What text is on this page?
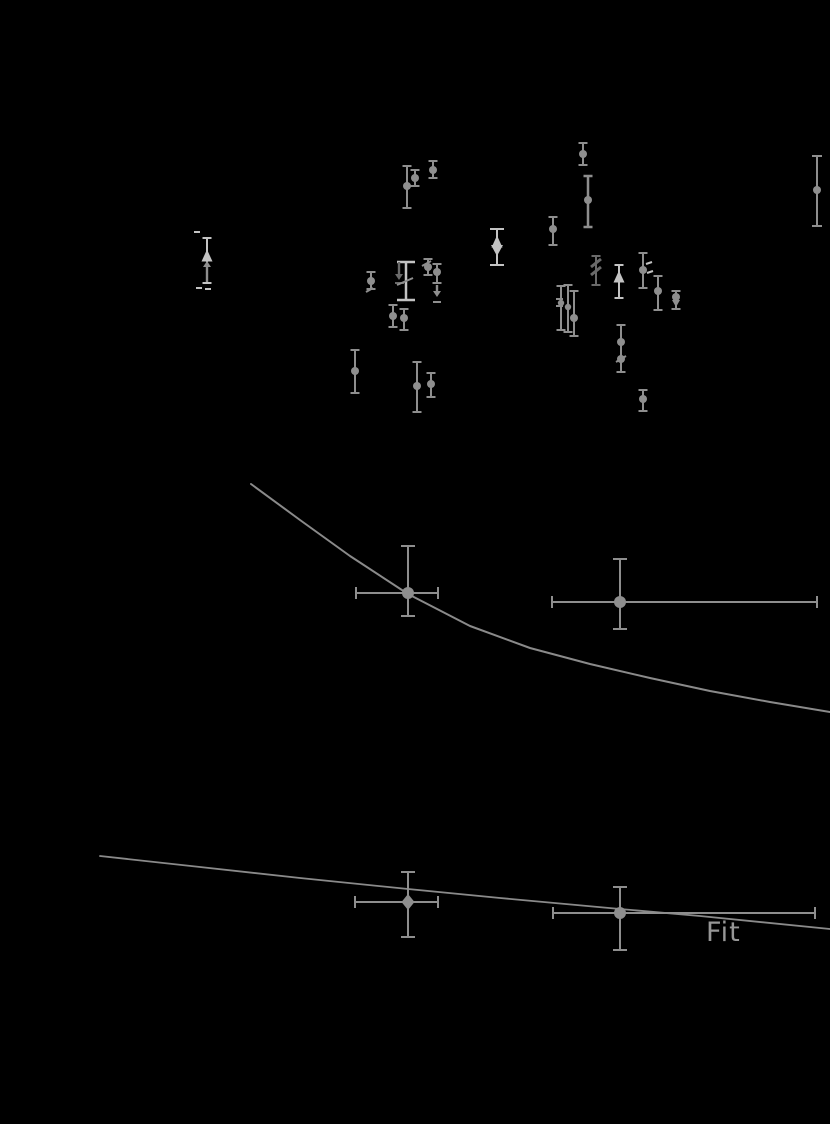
Fit
